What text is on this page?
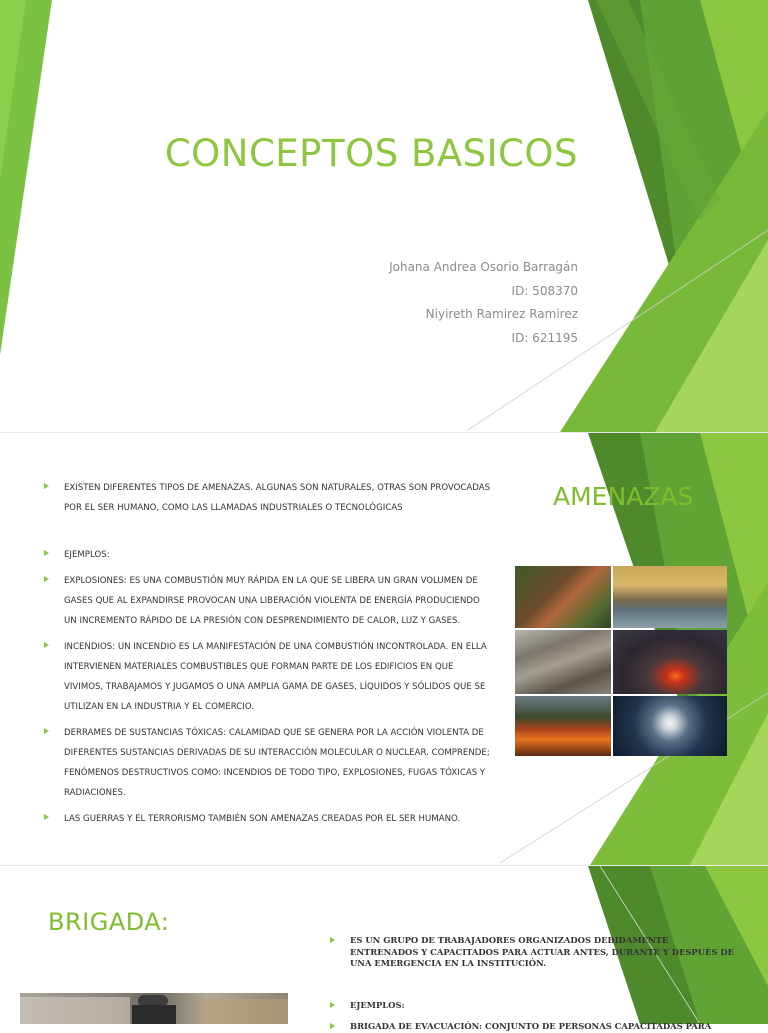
CONCEPTOS BASICOS
Johana Andrea Osorio Barragán
ID: 508370
Niyireth Ramirez Ramirez
ID: 621195
AMENAZAS
EXISTEN DIFERENTES TIPOS DE AMENAZAS. ALGUNAS SON NATURALES, OTRAS SON PROVOCADAS POR EL SER HUMANO, COMO LAS LLAMADAS INDUSTRIALES O TECNOLÓGICAS
EJEMPLOS:
EXPLOSIONES: ES UNA COMBUSTIÓN MUY RÁPIDA EN LA QUE SE LIBERA UN GRAN VOLUMEN DE GASES QUE AL EXPANDIRSE PROVOCAN UNA LIBERACIÓN VIOLENTA DE ENERGÍA PRODUCIENDO UN INCREMENTO RÁPIDO DE LA PRESIÓN CON DESPRENDIMIENTO DE CALOR, LUZ Y GASES.
INCENDIOS: UN INCENDIO ES LA MANIFESTACIÓN DE UNA COMBUSTIÓN INCONTROLADA. EN ELLA INTERVIENEN MATERIALES COMBUSTIBLES QUE FORMAN PARTE DE LOS EDIFICIOS EN QUE VIVIMOS, TRABAJAMOS Y JUGAMOS O UNA AMPLIA GAMA DE GASES, LÍQUIDOS Y SÓLIDOS QUE SE UTILIZAN EN LA INDUSTRIA Y EL COMERCIO.
DERRAMES DE SUSTANCIAS TÓXICAS: CALAMIDAD QUE SE GENERA POR LA ACCIÓN VIOLENTA DE DIFERENTES SUSTANCIAS DERIVADAS DE SU INTERACCIÓN MOLECULAR O NUCLEAR. COMPRENDE; FENÓMENOS DESTRUCTIVOS COMO: INCENDIOS DE TODO TIPO, EXPLOSIONES, FUGAS TÓXICAS Y RADIACIONES.
LAS GUERRAS Y EL TERRORISMO TAMBIÉN SON AMENAZAS CREADAS POR EL SER HUMANO.
BRIGADA:
ES UN GRUPO DE TRABAJADORES ORGANIZADOS DEBIDAMENTE ENTRENADOS Y CAPACITADOS PARA ACTUAR ANTES, DURANTE Y DESPUÉS DE UNA EMERGENCIA EN LA INSTITUCIÓN.
EJEMPLOS:
BRIGADA DE EVACUACIÓN: CONJUNTO DE PERSONAS CAPACITADAS PARA
